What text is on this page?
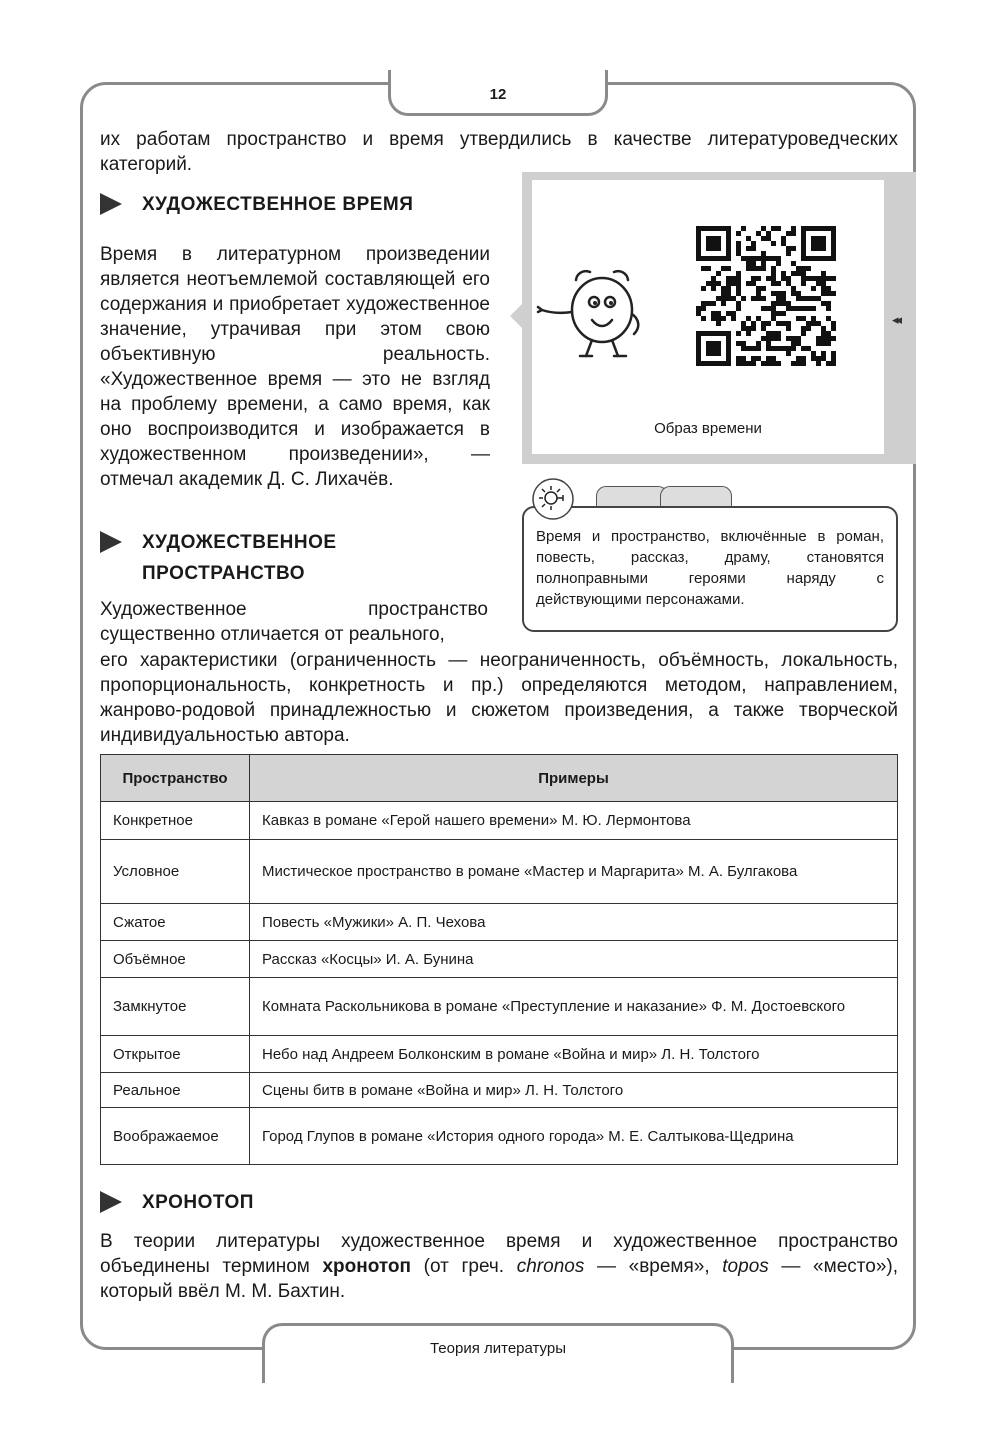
12
их работам пространство и время утвердились в качестве литературоведческих категорий.
ХУДОЖЕСТВЕННОЕ ВРЕМЯ
Время в литературном произведении является неотъемлемой составляющей его содержания и приобретает художественное значение, утрачивая при этом свою объективную реальность. «Художественное время — это не взгляд на проблему времени, а само время, как оно воспроизводится и изображается в художественном произведении», — отмечал академик Д. С. Лихачёв.
ХУДОЖЕСТВЕННОЕ
ПРОСТРАНСТВО
Художественное пространство существенно отличается от реального,
его характеристики (ограниченность — неограниченность, объёмность, локальность, пропорциональность, конкретность и пр.) определяются методом, направлением, жанрово-родовой принадлежностью и сюжетом произведения, а также творческой индивидуальностью автора.
Образ времени
◂◂
Время и пространство, включённые в роман, повесть, рассказ, драму, становятся полноправными героями наряду с действующими персонажами.
Пространство	Примеры
Конкретное	Кавказ в романе «Герой нашего времени» М. Ю. Лермонтова
Условное	Мистическое пространство в романе «Мастер и Маргарита» М. А. Булгакова
Сжатое	Повесть «Мужики» А. П. Чехова
Объёмное	Рассказ «Косцы» И. А. Бунина
Замкнутое	Комната Раскольникова в романе «Преступление и наказание» Ф. М. Достоевского
Открытое	Небо над Андреем Болконским в романе «Война и мир» Л. Н. Толстого
Реальное	Сцены битв в романе «Война и мир» Л. Н. Толстого
Воображаемое	Город Глупов в романе «История одного города» М. Е. Салтыкова-Щедрина
ХРОНОТОП
В теории литературы художественное время и художественное пространство объединены термином хронотоп (от греч. chronos — «время», topos — «место»), который ввёл М. М. Бахтин.
Теория литературы
